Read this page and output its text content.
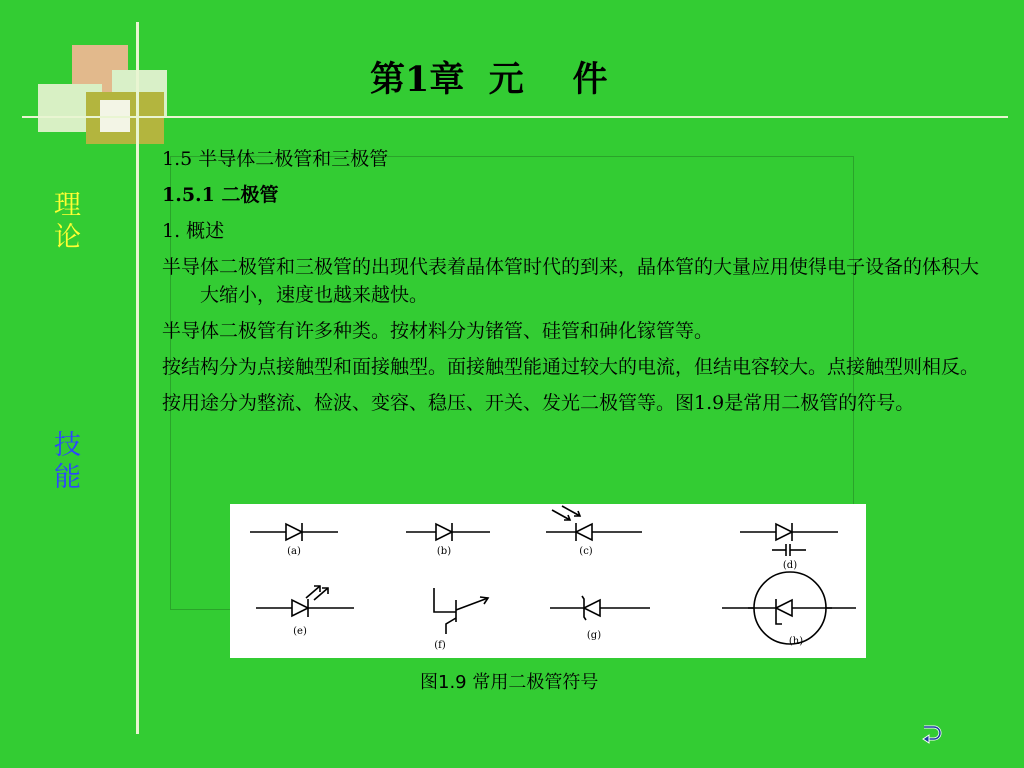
第1章  元    件
理论
技能

1.5 半导体二极管和三极管

1.5.1 二极管

1. 概述

半导体二极管和三极管的出现代表着晶体管时代的到来，晶体管的大量应用使得电子设备的体积大大缩小，速度也越来越快。

半导体二极管有许多种类。按材料分为锗管、硅管和砷化镓管等。

按结构分为点接触型和面接触型。面接触型能通过较大的电流，但结电容较大。点接触型则相反。

按用途分为整流、检波、变容、稳压、开关、发光二极管等。图1.9是常用二极管的符号。

(a)	(b)	(c)
(d)
(e)
(f)
(g)
(h)
图1.9 常用二极管符号
